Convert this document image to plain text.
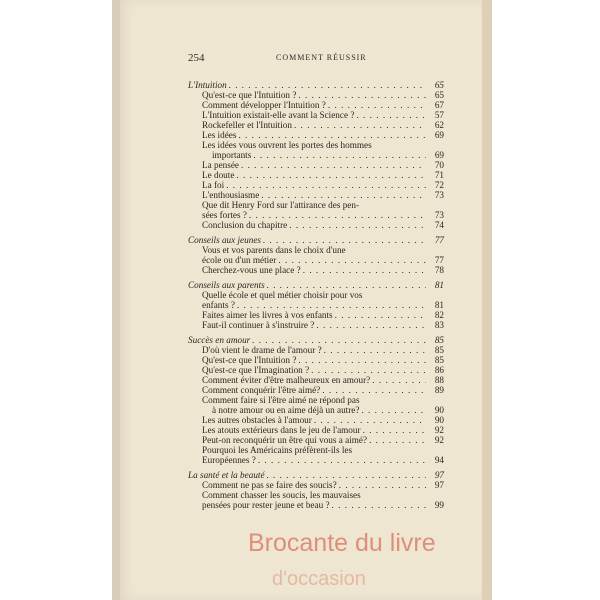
254	COMMENT RÉUSSIR
L'Intuition . . .	65
Qu'est-ce que l'Intuition ? . . .	65
Comment développer l'Intuition ? . . .	67
L'Intuition existait-elle avant la Science ? . . .	57
Rockefeller et l'Intuition . . .	62
Les idées . . .	69
Les idées vous ouvrent les portes des hommes
importants . . .	69
La pensée . . .	70
Le doute . . .	71
La foi . . .	72
L'enthousiasme . . .	73
Que dit Henry Ford sur l'attirance des pen-
sées fortes ? . . .	73
Conclusion du chapitre . . .	74
Conseils aux jeunes . . .	77
Vous et vos parents dans le choix d'une
école ou d'un métier . . .	77
Cherchez-vous une place ? . . .	78
Conseils aux parents . . .	81
Quelle école et quel métier choisir pour vos
enfants ? . . .	81
Faites aimer les livres à vos enfants . . .	82
Faut-il continuer à s'instruire ? . . .	83
Succès en amour . . .	85
D'où vient le drame de l'amour ? . . .	85
Qu'est-ce que l'Intuition ? . . .	85
Qu'est-ce que l'Imagination ? . . .	86
Comment éviter d'être malheureux en amour? . . .	88
Comment conquérir l'être aimé? . . .	89
Comment faire si l'être aimé ne répond pas
à notre amour ou en aime déjà un autre? . . .	90
Les autres obstacles à l'amour . . .	90
Les atouts extérieurs dans le jeu de l'amour . . .	92
Peut-on reconquérir un être qui vous a aimé? . . .	92
Pourquoi les Américains préfèrent-ils les
Européennes ? . . .	94
La santé et la beauté . . .	97
Comment ne pas se faire des soucis? . . .	97
Comment chasser les soucis, les mauvaises
pensées pour rester jeune et beau ? . . .	99
Brocante du livre
d'occasion
